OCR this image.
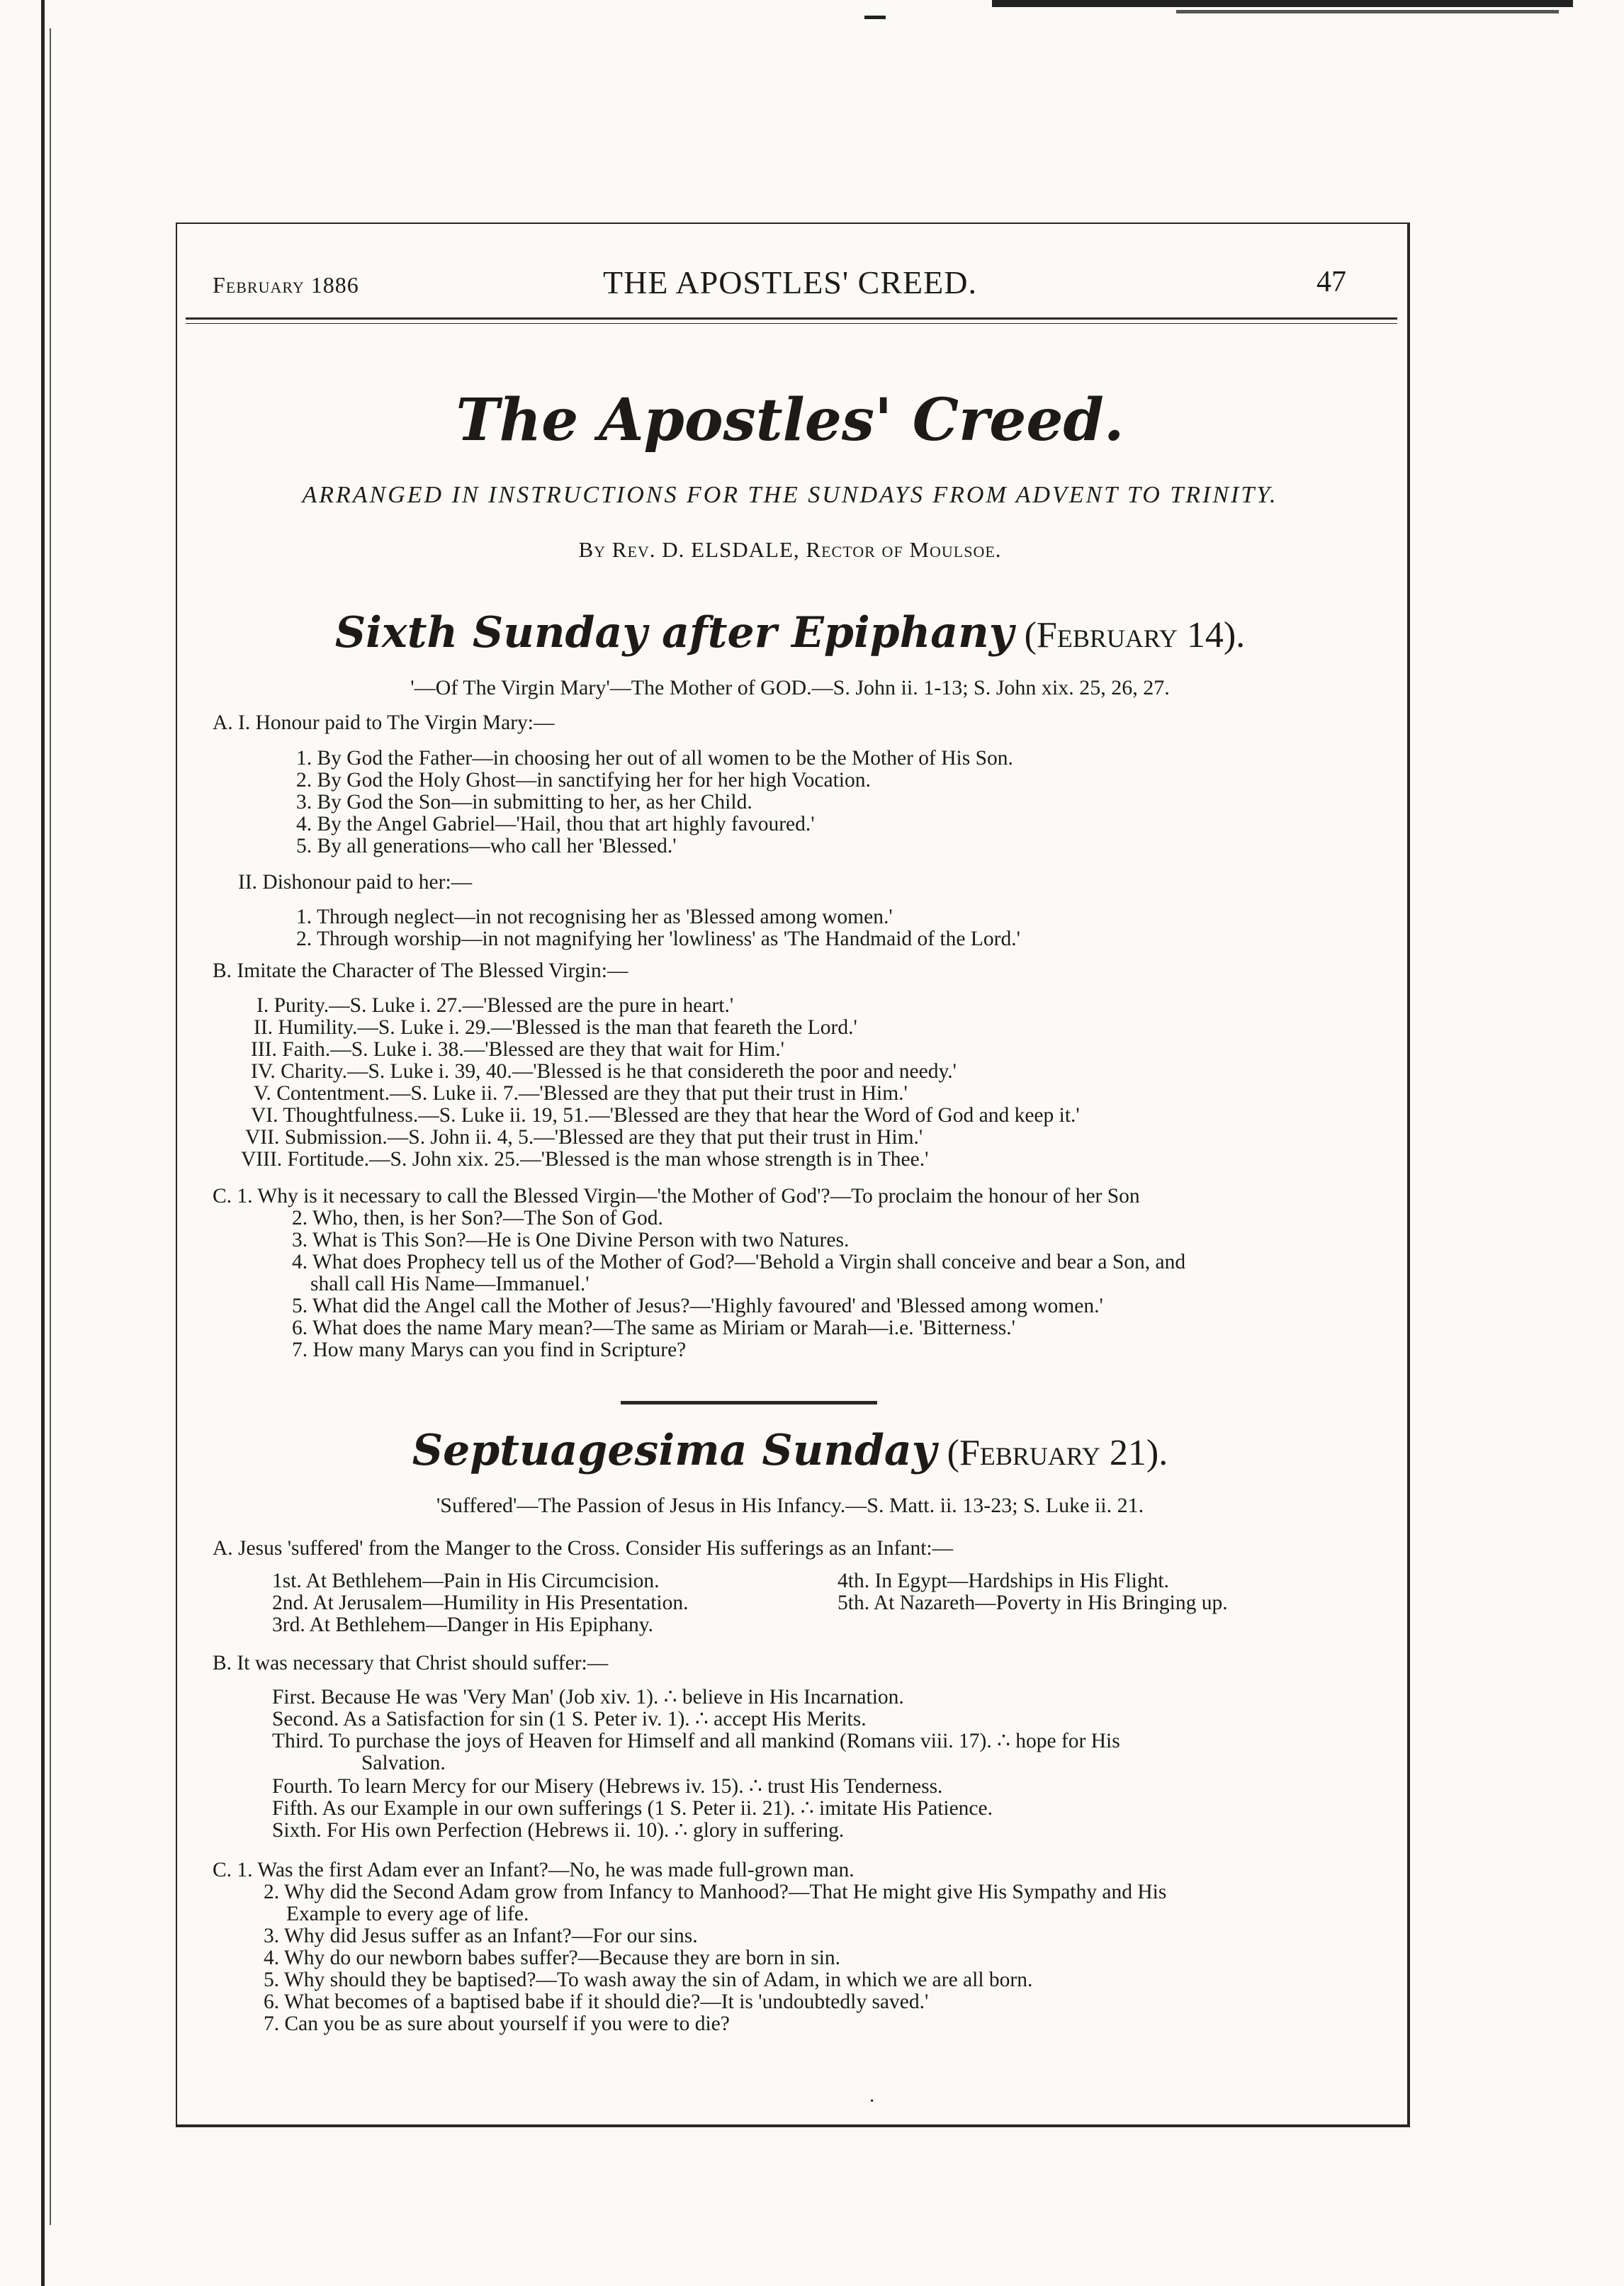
February 1886	THE APOSTLES' CREED.	47
The Apostles' Creed.
ARRANGED IN INSTRUCTIONS FOR THE SUNDAYS FROM ADVENT TO TRINITY.
By Rev. D. ELSDALE, Rector of Moulsoe.
Sixth Sunday after Epiphany (February 14).
'—Of The Virgin Mary'—The Mother of GOD.—S. John ii. 1-13; S. John xix. 25, 26, 27.
A. I. Honour paid to The Virgin Mary:—
1. By God the Father—in choosing her out of all women to be the Mother of His Son.
2. By God the Holy Ghost—in sanctifying her for her high Vocation.
3. By God the Son—in submitting to her, as her Child.
4. By the Angel Gabriel—'Hail, thou that art highly favoured.'
5. By all generations—who call her 'Blessed.'
II. Dishonour paid to her:—
1. Through neglect—in not recognising her as 'Blessed among women.'
2. Through worship—in not magnifying her 'lowliness' as 'The Handmaid of the Lord.'
B. Imitate the Character of The Blessed Virgin:—
I. Purity.—S. Luke i. 27.—'Blessed are the pure in heart.'
II. Humility.—S. Luke i. 29.—'Blessed is the man that feareth the Lord.'
III. Faith.—S. Luke i. 38.—'Blessed are they that wait for Him.'
IV. Charity.—S. Luke i. 39, 40.—'Blessed is he that considereth the poor and needy.'
V. Contentment.—S. Luke ii. 7.—'Blessed are they that put their trust in Him.'
VI. Thoughtfulness.—S. Luke ii. 19, 51.—'Blessed are they that hear the Word of God and keep it.'
VII. Submission.—S. John ii. 4, 5.—'Blessed are they that put their trust in Him.'
VIII. Fortitude.—S. John xix. 25.—'Blessed is the man whose strength is in Thee.'
C. 1. Why is it necessary to call the Blessed Virgin—'the Mother of God'?—To proclaim the honour of her Son
2. Who, then, is her Son?—The Son of God.
3. What is This Son?—He is One Divine Person with two Natures.
4. What does Prophecy tell us of the Mother of God?—'Behold a Virgin shall conceive and bear a Son, and
shall call His Name—Immanuel.'
5. What did the Angel call the Mother of Jesus?—'Highly favoured' and 'Blessed among women.'
6. What does the name Mary mean?—The same as Miriam or Marah—i.e. 'Bitterness.'
7. How many Marys can you find in Scripture?
Septuagesima Sunday (February 21).
'Suffered'—The Passion of Jesus in His Infancy.—S. Matt. ii. 13-23; S. Luke ii. 21.
A. Jesus 'suffered' from the Manger to the Cross. Consider His sufferings as an Infant:—
1st. At Bethlehem—Pain in His Circumcision.
2nd. At Jerusalem—Humility in His Presentation.
3rd. At Bethlehem—Danger in His Epiphany.
4th. In Egypt—Hardships in His Flight.
5th. At Nazareth—Poverty in His Bringing up.
B. It was necessary that Christ should suffer:—
First. Because He was 'Very Man' (Job xiv. 1). ∴ believe in His Incarnation.
Second. As a Satisfaction for sin (1 S. Peter iv. 1). ∴ accept His Merits.
Third. To purchase the joys of Heaven for Himself and all mankind (Romans viii. 17). ∴ hope for His
Salvation.
Fourth. To learn Mercy for our Misery (Hebrews iv. 15). ∴ trust His Tenderness.
Fifth. As our Example in our own sufferings (1 S. Peter ii. 21). ∴ imitate His Patience.
Sixth. For His own Perfection (Hebrews ii. 10). ∴ glory in suffering.
C. 1. Was the first Adam ever an Infant?—No, he was made full-grown man.
2. Why did the Second Adam grow from Infancy to Manhood?—That He might give His Sympathy and His
Example to every age of life.
3. Why did Jesus suffer as an Infant?—For our sins.
4. Why do our newborn babes suffer?—Because they are born in sin.
5. Why should they be baptised?—To wash away the sin of Adam, in which we are all born.
6. What becomes of a baptised babe if it should die?—It is 'undoubtedly saved.'
7. Can you be as sure about yourself if you were to die?
·
